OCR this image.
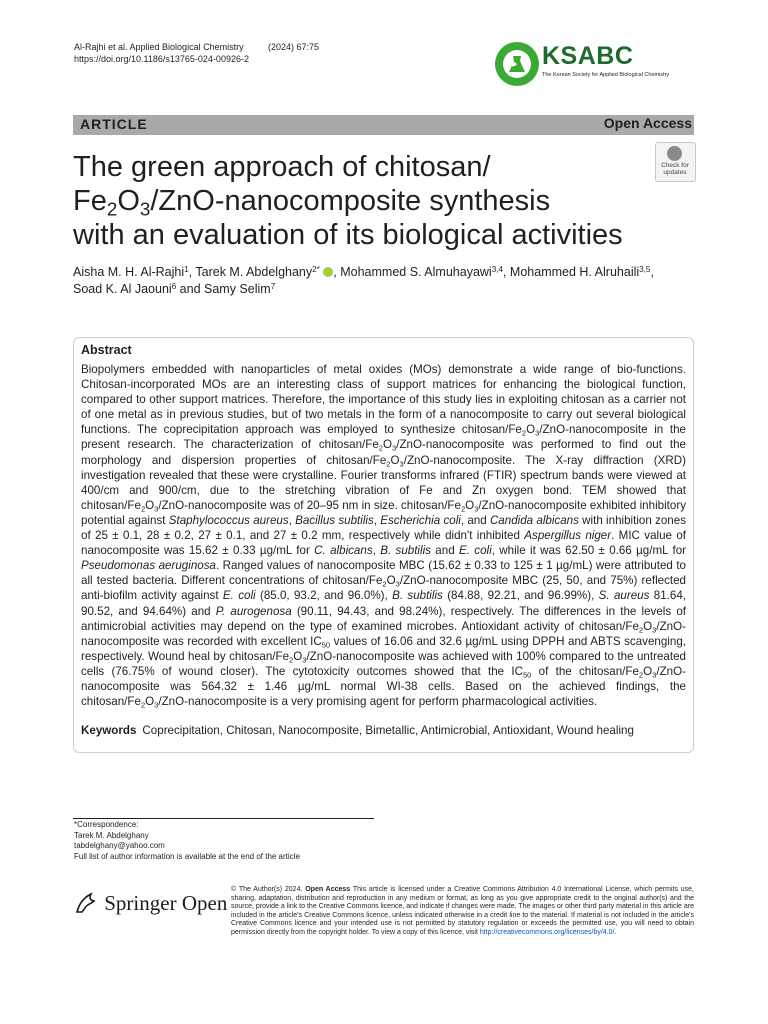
Al-Rajhi et al. Applied Biological Chemistry	(2024) 67:75
https://doi.org/10.1186/s13765-024-00926-2	KSABC
The Korean Society for Applied Biological Chemistry
ARTICLE	Open Access
The green approach of chitosan/
$Fe_2O_3/ZnO$-nanocomposite synthesis
with an evaluation of its biological activities
Check for
updates
Aisha M. H. Al-Rajhi$^1$, Tarek M. Abdelghany$^{2*}$ , Mohammed S. Almuhayawi$^{3,4}$, Mohammed H. Alruhaili$^{3,5}$,
Soad K. Al Jaouni$^6$ and Samy Selim$^7$
Abstract
Biopolymers embedded with nanoparticles of metal oxides (MOs) demonstrate a wide range of bio-functions. Chitosan-incorporated MOs are an interesting class of support matrices for enhancing the biological function, compared to other support matrices. Therefore, the importance of this study lies in exploiting chitosan as a carrier not of one metal as in previous studies, but of two metals in the form of a nanocomposite to carry out several biological functions. The coprecipitation approach was employed to synthesize chitosan/$Fe_2O_3/ZnO$-nanocomposite in the present research. The characterization of chitosan/$Fe_2O_3/ZnO$-nanocomposite was performed to find out the morphology and dispersion properties of chitosan/$Fe_2O_3/ZnO$-nanocomposite. The X-ray diffraction (XRD) investigation revealed that these were crystalline. Fourier transforms infrared (FTIR) spectrum bands were viewed at 400/cm and 900/cm, due to the stretching vibration of Fe and Zn oxygen bond. TEM showed that chitosan/$Fe_2O_3/ZnO$-nanocomposite was of 20–95 nm in size. chitosan/$Fe_2O_3/ZnO$-nanocomposite exhibited inhibitory potential against Staphylococcus aureus, Bacillus subtilis, Escherichia coli, and Candida albicans with inhibition zones of 25 ± 0.1, 28 ± 0.2, 27 ± 0.1, and 27 ± 0.2 mm, respectively while didn't inhibited Aspergillus niger. MIC value of nanocomposite was 15.62 ± 0.33 µg/mL for C. albicans, B. subtilis and E. coli, while it was 62.50 ± 0.66 µg/mL for Pseudomonas aeruginosa. Ranged values of nanocomposite MBC (15.62 ± 0.33 to 125 ± 1 µg/mL) were attributed to all tested bacteria. Different concentrations of chitosan/$Fe_2O_3/ZnO$-nanocomposite MBC (25, 50, and 75%) reflected anti-biofilm activity against E. coli (85.0, 93.2, and 96.0%), B. subtilis (84.88, 92.21, and 96.99%), S. aureus 81.64, 90.52, and 94.64%) and P. aurogenosa (90.11, 94.43, and 98.24%), respectively. The differences in the levels of antimicrobial activities may depend on the type of examined microbes. Antioxidant activity of chitosan/$Fe_2O_3/ZnO$-nanocomposite was recorded with excellent $IC_{50}$ values of 16.06 and 32.6 µg/mL using DPPH and ABTS scavenging, respectively. Wound heal by chitosan/$Fe_2O_3/ZnO$-nanocomposite was achieved with 100% compared to the untreated cells (76.75% of wound closer). The cytotoxicity outcomes showed that the $IC_{50}$ of the chitosan/$Fe_2O_3/ZnO$-nanocomposite was 564.32 ± 1.46 µg/mL normal WI-38 cells. Based on the achieved findings, the chitosan/$Fe_2O_3/ZnO$-nanocomposite is a very promising agent for perform pharmacological activities.
Keywords Coprecipitation, Chitosan, Nanocomposite, Bimetallic, Antimicrobial, Antioxidant, Wound healing
*Correspondence:
Tarek M. Abdelghany
tabdelghany@yahoo.com
Full list of author information is available at the end of the article
Springer Open
© The Author(s) 2024. Open Access This article is licensed under a Creative Commons Attribution 4.0 International License, which permits use, sharing, adaptation, distribution and reproduction in any medium or format, as long as you give appropriate credit to the original author(s) and the source, provide a link to the Creative Commons licence, and indicate if changes were made. The images or other third party material in this article are included in the article's Creative Commons licence, unless indicated otherwise in a credit line to the material. If material is not included in the article's Creative Commons licence and your intended use is not permitted by statutory regulation or exceeds the permitted use, you will need to obtain permission directly from the copyright holder. To view a copy of this licence, visit http://creativecommons.org/licenses/by/4.0/.
